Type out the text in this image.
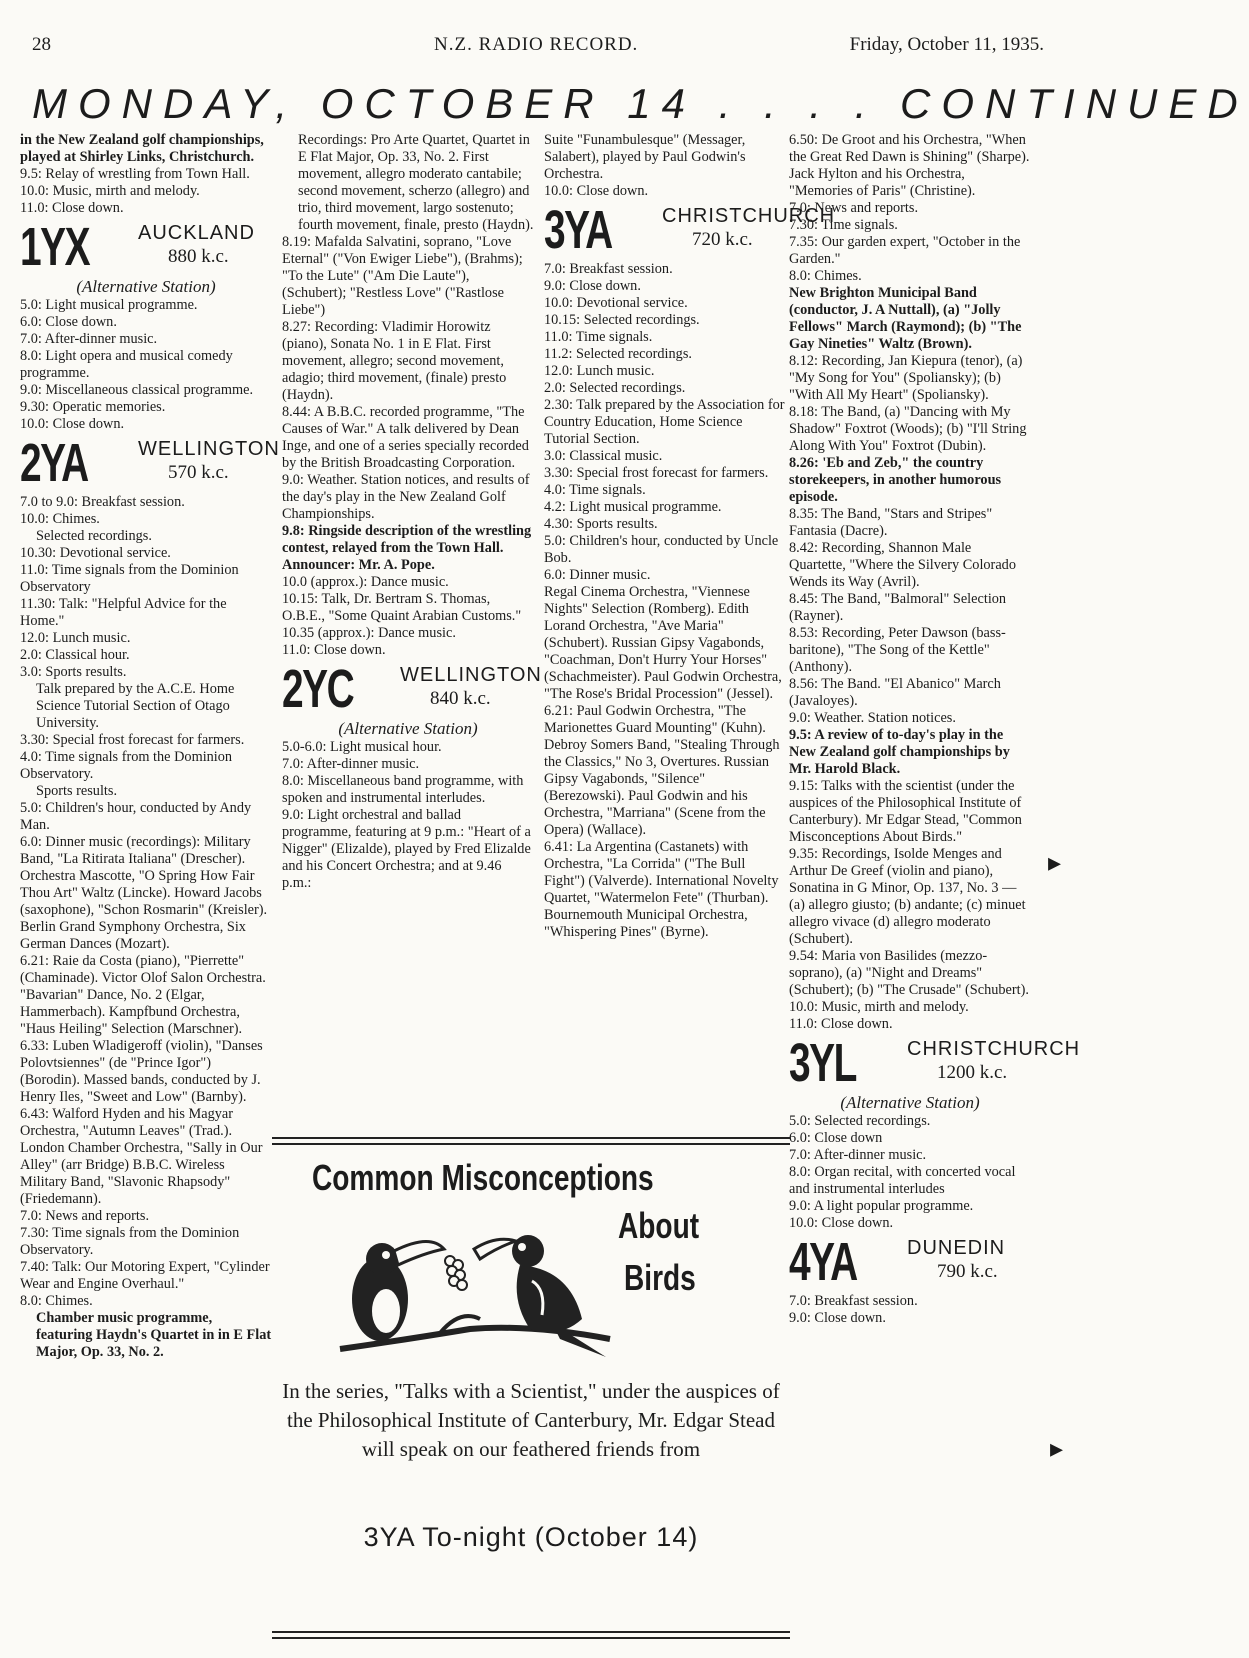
28	N.Z. RADIO RECORD.	Friday, October 11, 1935.
MONDAY, OCTOBER 14 . . . . CONTINUED

in the New Zealand golf championships, played at Shirley Links, Christchurch.

9.5: Relay of wrestling from Town Hall.

10.0: Music, mirth and melody.

11.0: Close down.

1YX AUCKLAND
880 k.c.

(Alternative Station)

5.0: Light musical programme.

6.0: Close down.

7.0: After-dinner music.

8.0: Light opera and musical comedy programme.

9.0: Miscellaneous classical programme.

9.30: Operatic memories.

10.0: Close down.

2YA	WELLINGTON
570 k.c.

7.0 to 9.0: Breakfast session.

10.0: Chimes.

Selected recordings.

10.30: Devotional service.

11.0: Time signals from the Dominion Observatory

11.30: Talk: "Helpful Advice for the Home."

12.0: Lunch music.

2.0: Classical hour.

3.0: Sports results.

Talk prepared by the A.C.E. Home Science Tutorial Section of Otago University.

3.30: Special frost forecast for farmers.

4.0: Time signals from the Dominion Observatory.

Sports results.

5.0: Children's hour, conducted by Andy Man.

6.0: Dinner music (recordings): Military Band, "La Ritirata Italiana" (Drescher). Orchestra Mascotte, "O Spring How Fair Thou Art" Waltz (Lincke). Howard Jacobs (saxophone), "Schon Rosmarin" (Kreisler). Berlin Grand Symphony Orchestra, Six German Dances (Mozart).

6.21: Raie da Costa (piano), "Pierrette" (Chaminade). Victor Olof Salon Orchestra. "Bavarian" Dance, No. 2 (Elgar, Hammerbach). Kampfbund Orchestra, "Haus Heiling" Selection (Marschner).

6.33: Luben Wladigeroff (violin), "Danses Polovtsiennes" (de "Prince Igor") (Borodin). Massed bands, conducted by J. Henry Iles, "Sweet and Low" (Barnby).

6.43: Walford Hyden and his Magyar Orchestra, "Autumn Leaves" (Trad.). London Chamber Orchestra, "Sally in Our Alley" (arr Bridge) B.B.C. Wireless Military Band, "Slavonic Rhapsody" (Friedemann).

7.0: News and reports.

7.30: Time signals from the Dominion Observatory.

7.40: Talk: Our Motoring Expert, "Cylinder Wear and Engine Overhaul."

8.0: Chimes.

Chamber music programme, featuring Haydn's Quartet in in E Flat Major, Op. 33, No. 2.

Recordings: Pro Arte Quartet, Quartet in E Flat Major, Op. 33, No. 2. First movement, allegro moderato cantabile; second movement, scherzo (allegro) and trio, third movement, largo sostenuto; fourth movement, finale, presto (Haydn).

8.19: Mafalda Salvatini, soprano, "Love Eternal" ("Von Ewiger Liebe"), (Brahms); "To the Lute" ("Am Die Laute"), (Schubert); "Restless Love" ("Rastlose Liebe")

8.27: Recording: Vladimir Horowitz (piano), Sonata No. 1 in E Flat. First movement, allegro; second movement, adagio; third movement, (finale) presto (Haydn).

8.44: A B.B.C. recorded programme, "The Causes of War." A talk delivered by Dean Inge, and one of a series specially recorded by the British Broadcasting Corporation.

9.0: Weather. Station notices, and results of the day's play in the New Zealand Golf Championships.

9.8: Ringside description of the wrestling contest, relayed from the Town Hall. Announcer: Mr. A. Pope.

10.0 (approx.): Dance music.

10.15: Talk, Dr. Bertram S. Thomas, O.B.E., "Some Quaint Arabian Customs."

10.35 (approx.): Dance music.

11.0: Close down.

2YC WELLINGTON
840 k.c.

(Alternative Station)

5.0-6.0: Light musical hour.

7.0: After-dinner music.

8.0: Miscellaneous band programme, with spoken and instrumental interludes.

9.0: Light orchestral and ballad programme, featuring at 9 p.m.: "Heart of a Nigger" (Elizalde), played by Fred Elizalde and his Concert Orchestra; and at 9.46 p.m.:

Suite "Funambulesque" (Messager, Salabert), played by Paul Godwin's Orchestra.

10.0: Close down.

3YA	CHRISTCHURCH
720 k.c.

7.0: Breakfast session.

9.0: Close down.

10.0: Devotional service.

10.15: Selected recordings.

11.0: Time signals.

11.2: Selected recordings.

12.0: Lunch music.

2.0: Selected recordings.

2.30: Talk prepared by the Association for Country Education, Home Science Tutorial Section.

3.0: Classical music.

3.30: Special frost forecast for farmers.

4.0: Time signals.

4.2: Light musical programme.

4.30: Sports results.

5.0: Children's hour, conducted by Uncle Bob.

6.0: Dinner music.

Regal Cinema Orchestra, "Viennese Nights" Selection (Romberg). Edith Lorand Orchestra, "Ave Maria" (Schubert). Russian Gipsy Vagabonds, "Coachman, Don't Hurry Your Horses" (Schachmeister). Paul Godwin Orchestra, "The Rose's Bridal Procession" (Jessel).

6.21: Paul Godwin Orchestra, "The Marionettes Guard Mounting" (Kuhn). Debroy Somers Band, "Stealing Through the Classics," No 3, Overtures. Russian Gipsy Vagabonds, "Silence" (Berezowski). Paul Godwin and his Orchestra, "Marriana" (Scene from the Opera) (Wallace).

6.41: La Argentina (Castanets) with Orchestra, "La Corrida" ("The Bull Fight") (Valverde). International Novelty Quartet, "Watermelon Fete" (Thurban). Bournemouth Municipal Orchestra, "Whispering Pines" (Byrne).

6.50: De Groot and his Orchestra, "When the Great Red Dawn is Shining" (Sharpe). Jack Hylton and his Orchestra, "Memories of Paris" (Christine).

7.0: News and reports.

7.30: Time signals.

7.35: Our garden expert, "October in the Garden."

8.0: Chimes.

New Brighton Municipal Band (conductor, J. A Nuttall), (a) "Jolly Fellows" March (Raymond); (b) "The Gay Nineties" Waltz (Brown).

8.12: Recording, Jan Kiepura (tenor), (a) "My Song for You" (Spoliansky); (b) "With All My Heart" (Spoliansky).

8.18: The Band, (a) "Dancing with My Shadow" Foxtrot (Woods); (b) "I'll String Along With You" Foxtrot (Dubin).

8.26: 'Eb and Zeb," the country storekeepers, in another humorous episode.

8.35: The Band, "Stars and Stripes" Fantasia (Dacre).

8.42: Recording, Shannon Male Quartette, "Where the Silvery Colorado Wends its Way (Avril).

8.45: The Band, "Balmoral" Selection (Rayner).

8.53: Recording, Peter Dawson (bass-baritone), "The Song of the Kettle" (Anthony).

8.56: The Band. "El Abanico" March (Javaloyes).

9.0: Weather. Station notices.

9.5: A review of to-day's play in the New Zealand golf championships by Mr. Harold Black.

9.15: Talks with the scientist (under the auspices of the Philosophical Institute of Canterbury). Mr Edgar Stead, "Common Misconceptions About Birds."

9.35: Recordings, Isolde Menges and Arthur De Greef (violin and piano), Sonatina in G Minor, Op. 137, No. 3 — (a) allegro giusto; (b) andante; (c) minuet allegro vivace (d) allegro moderato (Schubert).

9.54: Maria von Basilides (mezzo-soprano), (a) "Night and Dreams" (Schubert); (b) "The Crusade" (Schubert).

10.0: Music, mirth and melody.

11.0: Close down.

3YL	CHRISTCHURCH
1200 k.c.

(Alternative Station)

5.0: Selected recordings.

6.0: Close down

7.0: After-dinner music.

8.0: Organ recital, with concerted vocal and instrumental interludes

9.0: A light popular programme.

10.0: Close down.

4YA	DUNEDIN
790 k.c.

7.0: Breakfast session.

9.0: Close down.

Common Misconceptions
About
Birds
In the series, "Talks with a Scientist," under the auspices of the Philosophical Institute of Canterbury, Mr. Edgar Stead will speak on our feathered friends from
3YA To-night (October 14)
▸
▸
